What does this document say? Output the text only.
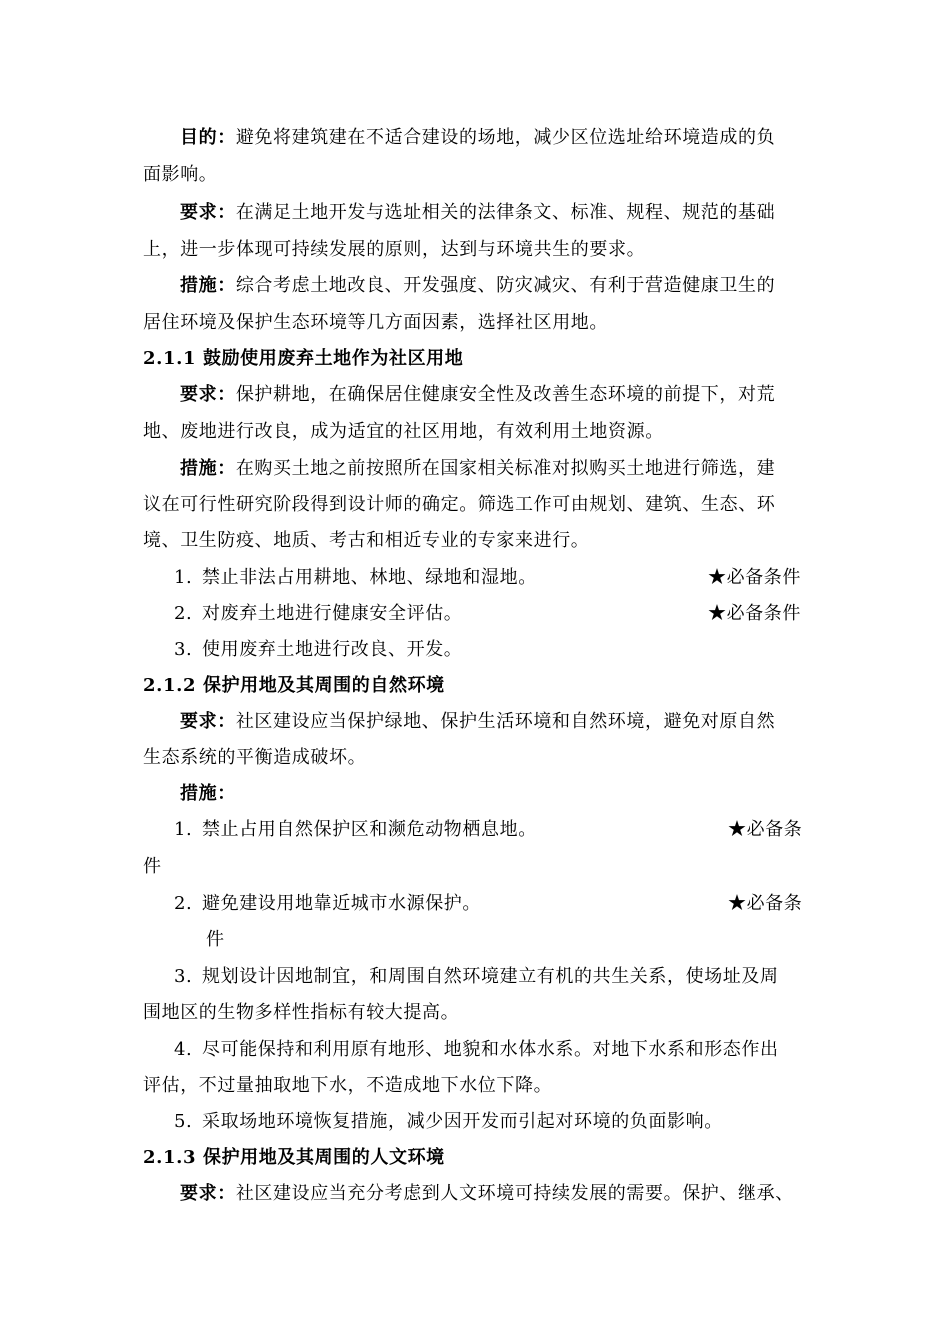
目的：避免将建筑建在不适合建设的场地，减少区位选址给环境造成的负
面影响。
要求：在满足土地开发与选址相关的法律条文、标准、规程、规范的基础
上，进一步体现可持续发展的原则，达到与环境共生的要求。
措施：综合考虑土地改良、开发强度、防灾减灾、有利于营造健康卫生的
居住环境及保护生态环境等几方面因素，选择社区用地。
2.1.1 鼓励使用废弃土地作为社区用地
要求：保护耕地，在确保居住健康安全性及改善生态环境的前提下，对荒
地、废地进行改良，成为适宜的社区用地，有效利用土地资源。
措施：在购买土地之前按照所在国家相关标准对拟购买土地进行筛选，建
议在可行性研究阶段得到设计师的确定。筛选工作可由规划、建筑、生态、环
境、卫生防疫、地质、考古和相近专业的专家来进行。
1. 禁止非法占用耕地、林地、绿地和湿地。	★必备条件
2. 对废弃土地进行健康安全评估。	★必备条件
3. 使用废弃土地进行改良、开发。
2.1.2 保护用地及其周围的自然环境
要求：社区建设应当保护绿地、保护生活环境和自然环境，避免对原自然
生态系统的平衡造成破坏。
措施：
1. 禁止占用自然保护区和濒危动物栖息地。	★必备条
件
2. 避免建设用地靠近城市水源保护。	★必备条
件
3. 规划设计因地制宜，和周围自然环境建立有机的共生关系，使场址及周
围地区的生物多样性指标有较大提高。
4. 尽可能保持和利用原有地形、地貌和水体水系。对地下水系和形态作出
评估，不过量抽取地下水，不造成地下水位下降。
5. 采取场地环境恢复措施，减少因开发而引起对环境的负面影响。
2.1.3 保护用地及其周围的人文环境
要求：社区建设应当充分考虑到人文环境可持续发展的需要。保护、继承、
